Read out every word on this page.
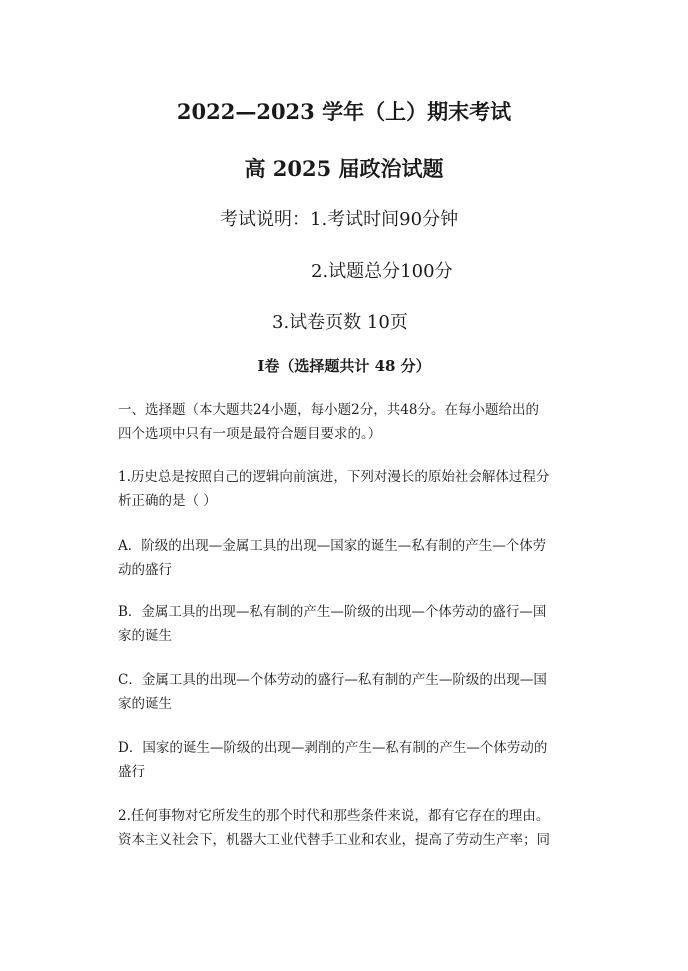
2022—2023 学年（上）期末考试
高 2025 届政治试题
考试说明：1.考试时间90分钟
2.试题总分100分
3.试卷页数 10页
Ⅰ卷（选择题共计 48 分）
一、选择题（本大题共24小题，每小题2分，共48分。在每小题给出的
四个选项中只有一项是最符合题目要求的。）
1.历史总是按照自己的逻辑向前演进，下列对漫长的原始社会解体过程分
析正确的是（ ）
A．阶级的出现—金属工具的出现—国家的诞生—私有制的产生—个体劳
动的盛行
B．金属工具的出现—私有制的产生—阶级的出现—个体劳动的盛行—国
家的诞生
C．金属工具的出现—个体劳动的盛行—私有制的产生—阶级的出现—国
家的诞生
D．国家的诞生—阶级的出现—剥削的产生—私有制的产生—个体劳动的
盛行
2.任何事物对它所发生的那个时代和那些条件来说，都有它存在的理由。
资本主义社会下，机器大工业代替手工业和农业，提高了劳动生产率；同
